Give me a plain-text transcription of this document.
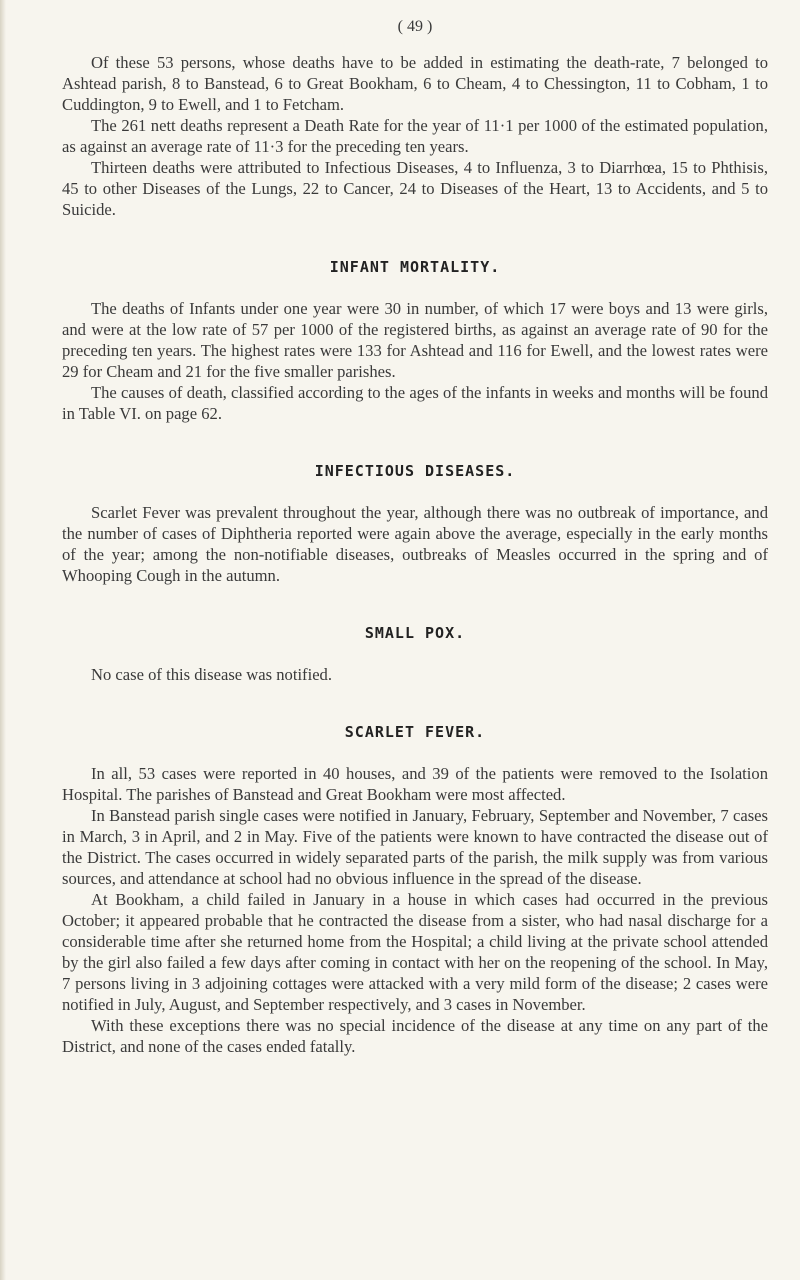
( 49 )

Of these 53 persons, whose deaths have to be added in estimating the death-rate, 7 belonged to Ashtead parish, 8 to Banstead, 6 to Great Bookham, 6 to Cheam, 4 to Chessington, 11 to Cobham, 1 to Cuddington, 9 to Ewell, and 1 to Fetcham.

The 261 nett deaths represent a Death Rate for the year of 11·1 per 1000 of the estimated population, as against an average rate of 11·3 for the preceding ten years.

Thirteen deaths were attributed to Infectious Diseases, 4 to Influenza, 3 to Diarrhœa, 15 to Phthisis, 45 to other Diseases of the Lungs, 22 to Cancer, 24 to Diseases of the Heart, 13 to Accidents, and 5 to Suicide.

INFANT MORTALITY.

The deaths of Infants under one year were 30 in number, of which 17 were boys and 13 were girls, and were at the low rate of 57 per 1000 of the registered births, as against an average rate of 90 for the preceding ten years. The highest rates were 133 for Ashtead and 116 for Ewell, and the lowest rates were 29 for Cheam and 21 for the five smaller parishes.

The causes of death, classified according to the ages of the infants in weeks and months will be found in Table VI. on page 62.

INFECTIOUS DISEASES.

Scarlet Fever was prevalent throughout the year, although there was no outbreak of importance, and the number of cases of Diphtheria reported were again above the average, especially in the early months of the year; among the non-notifiable diseases, outbreaks of Measles occurred in the spring and of Whooping Cough in the autumn.

SMALL POX.

No case of this disease was notified.

SCARLET FEVER.

In all, 53 cases were reported in 40 houses, and 39 of the patients were removed to the Isolation Hospital. The parishes of Banstead and Great Bookham were most affected.

In Banstead parish single cases were notified in January, February, September and November, 7 cases in March, 3 in April, and 2 in May. Five of the patients were known to have contracted the disease out of the District. The cases occurred in widely separated parts of the parish, the milk supply was from various sources, and attendance at school had no obvious influence in the spread of the disease.

At Bookham, a child failed in January in a house in which cases had occurred in the previous October; it appeared probable that he contracted the disease from a sister, who had nasal discharge for a considerable time after she returned home from the Hospital; a child living at the private school attended by the girl also failed a few days after coming in contact with her on the reopening of the school. In May, 7 persons living in 3 adjoining cottages were attacked with a very mild form of the disease; 2 cases were notified in July, August, and September respectively, and 3 cases in November.

With these exceptions there was no special incidence of the disease at any time on any part of the District, and none of the cases ended fatally.
